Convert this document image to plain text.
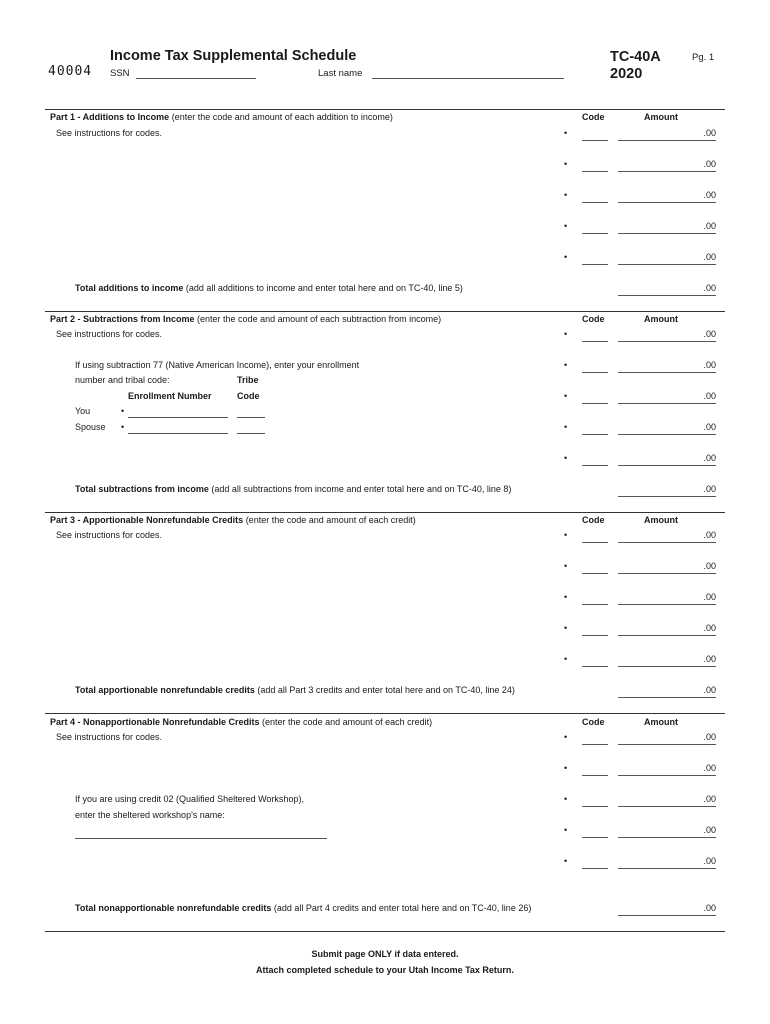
40004
Income Tax Supplemental Schedule
SSN	Last name
TC-40A
2020
Pg. 1
Part 1 - Additions to Income (enter the code and amount of each addition to income)	Code	Amount
See instructions for codes.	•	.00
•	.00
•	.00
•	.00
•	.00
Total additions to income (add all additions to income and enter total here and on TC-40, line 5)	.00
Part 2 - Subtractions from Income (enter the code and amount of each subtraction from income)	Code	Amount
See instructions for codes.	•	.00
•	.00
•	.00
•	.00
•	.00
If using subtraction 77 (Native American Income), enter your enrollment
number and tribal code:	Tribe
Enrollment Number	Code
You	•
Spouse •
Total subtractions from income (add all subtractions from income and enter total here and on TC-40, line 8)	.00
Part 3 - Apportionable Nonrefundable Credits (enter the code and amount of each credit)	Code	Amount
See instructions for codes.	•	.00
•	.00
•	.00
•	.00
•	.00
Total apportionable nonrefundable credits (add all Part 3 credits and enter total here and on TC-40, line 24)	.00
Part 4 - Nonapportionable Nonrefundable Credits (enter the code and amount of each credit)	Code	Amount
See instructions for codes.	•	.00
•	.00
•	.00
•	.00
•	.00
If you are using credit 02 (Qualified Sheltered Workshop),
enter the sheltered workshop's name:
Total nonapportionable nonrefundable credits (add all Part 4 credits and enter total here and on TC-40, line 26)	.00
Submit page ONLY if data entered.
Attach completed schedule to your Utah Income Tax Return.
